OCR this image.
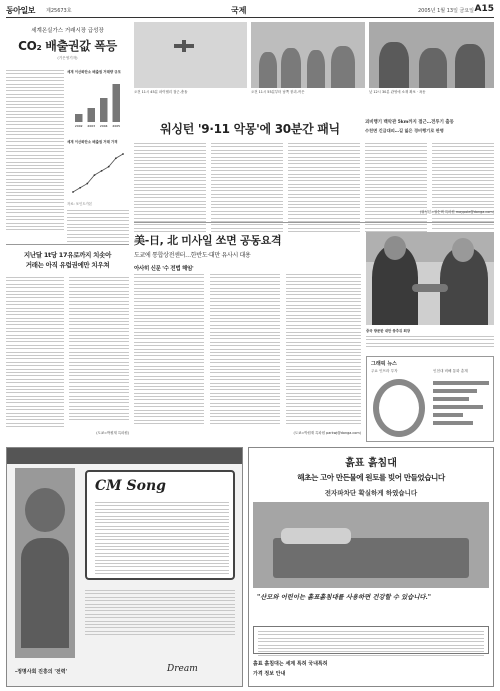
동아일보 제25673호	국제	2005년 1월 13일 금요일 A15
세계온실가스 거래시장 급성장
CO₂ 배출권값 폭등
(기은영기자)
세계 이산화탄소 배출권 거래량 규모
2002 2003 2004 2005
세계 이산화탄소 배출권 거래 가격
자료: 포인트카본
지난달 1t당 17유로까지 치솟아
거래는 아직 유럽권에만 치우쳐
(도쿄=박원재 특파원)
오전 11시 45분 파이텔리 접근-충돌	오전 11시 55분부터 남쪽 붕괴-작은	낮 12시 30분 관영에 소재 확보 · 폭동
워싱턴 '9·11 악몽'에 30분간 패닉	괴비행기 백악관 5km까지 접근…전투기 출동
수천면 긴급대피…길 잃은 경비행기로 판명
(워싱턴=권순택 특파원 maypole@donga.com)
美-日, 北 미사일 쏘면 공동요격
도쿄에 통합상전센터…한반도·대만 유사시 대용
아사히 신문 '수 전법 해임'
(도쿄=박원재 특파원 parkwj@donga.com)
중국 방문한 대만 쑹추위 회장
그래픽 뉴스
주요 인프라 투자	인천대 비해 통화 총계
CM Song
-정명사회 진흥의 '전력'	Dream
흙표 흙침대
해초는 고아 만든물에 원토를 빚어 만들었습니다
전자파차단 확실하게 하였습니다
"산모와 어린이는 흙표흙침대를 사용하면 건강할 수 있습니다."
흙표 흙침대는 세계 특허 국내특허
가격 정보 안내
